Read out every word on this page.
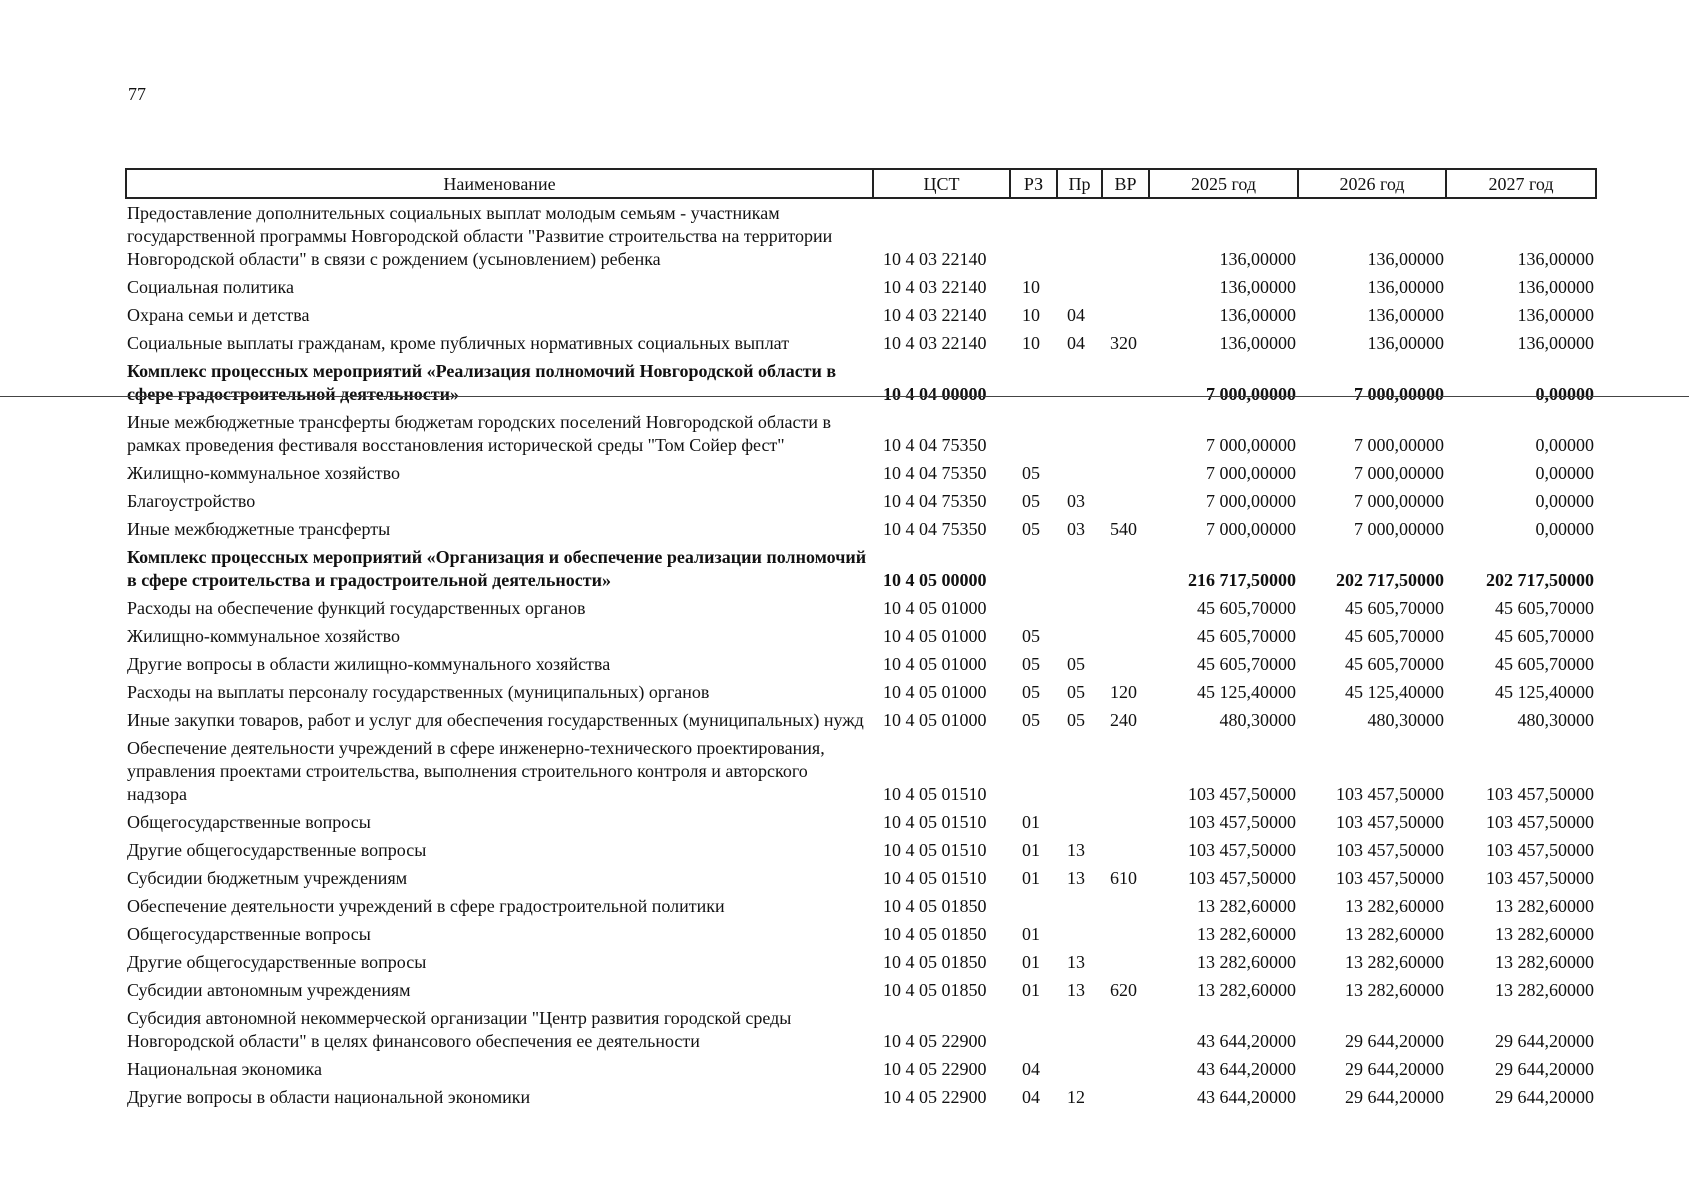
77
Наименование	ЦСТ	РЗ	Пр	ВР	2025 год	2026 год	2027 год
Предоставление дополнительных социальных выплат молодым семьям - участникам государственной программы Новгородской области "Развитие строительства на территории Новгородской области" в связи с рождением (усыновлением) ребенка	10 4 03 22140				136,00000	136,00000	136,00000
Социальная политика	10 4 03 22140	10			136,00000	136,00000	136,00000
Охрана семьи и детства	10 4 03 22140	10	04		136,00000	136,00000	136,00000
Социальные выплаты гражданам, кроме публичных нормативных социальных выплат	10 4 03 22140	10	04	320	136,00000	136,00000	136,00000
Комплекс процессных мероприятий «Реализация полномочий Новгородской области в сфере градостроительной деятельности»	10 4 04 00000				7 000,00000	7 000,00000	0,00000
Иные межбюджетные трансферты бюджетам городских поселений Новгородской области в рамках проведения фестиваля восстановления исторической среды "Том Сойер фест"	10 4 04 75350				7 000,00000	7 000,00000	0,00000
Жилищно-коммунальное хозяйство	10 4 04 75350	05			7 000,00000	7 000,00000	0,00000
Благоустройство	10 4 04 75350	05	03		7 000,00000	7 000,00000	0,00000
Иные межбюджетные трансферты	10 4 04 75350	05	03	540	7 000,00000	7 000,00000	0,00000
Комплекс процессных мероприятий «Организация и обеспечение реализации полномочий в сфере строительства и градостроительной деятельности»	10 4 05 00000				216 717,50000	202 717,50000	202 717,50000
Расходы на обеспечение функций государственных органов	10 4 05 01000				45 605,70000	45 605,70000	45 605,70000
Жилищно-коммунальное хозяйство	10 4 05 01000	05			45 605,70000	45 605,70000	45 605,70000
Другие вопросы в области жилищно-коммунального хозяйства	10 4 05 01000	05	05		45 605,70000	45 605,70000	45 605,70000
Расходы на выплаты персоналу государственных (муниципальных) органов	10 4 05 01000	05	05	120	45 125,40000	45 125,40000	45 125,40000
Иные закупки товаров, работ и услуг для обеспечения государственных (муниципальных) нужд	10 4 05 01000	05	05	240	480,30000	480,30000	480,30000
Обеспечение деятельности учреждений в сфере инженерно-технического проектирования, управления проектами строительства, выполнения строительного контроля и авторского надзора	10 4 05 01510				103 457,50000	103 457,50000	103 457,50000
Общегосударственные вопросы	10 4 05 01510	01			103 457,50000	103 457,50000	103 457,50000
Другие общегосударственные вопросы	10 4 05 01510	01	13		103 457,50000	103 457,50000	103 457,50000
Субсидии бюджетным учреждениям	10 4 05 01510	01	13	610	103 457,50000	103 457,50000	103 457,50000
Обеспечение деятельности учреждений в сфере градостроительной политики	10 4 05 01850				13 282,60000	13 282,60000	13 282,60000
Общегосударственные вопросы	10 4 05 01850	01			13 282,60000	13 282,60000	13 282,60000
Другие общегосударственные вопросы	10 4 05 01850	01	13		13 282,60000	13 282,60000	13 282,60000
Субсидии автономным учреждениям	10 4 05 01850	01	13	620	13 282,60000	13 282,60000	13 282,60000
Субсидия автономной некоммерческой организации "Центр развития городской среды Новгородской области" в целях финансового обеспечения ее деятельности	10 4 05 22900				43 644,20000	29 644,20000	29 644,20000
Национальная экономика	10 4 05 22900	04			43 644,20000	29 644,20000	29 644,20000
Другие вопросы в области национальной экономики	10 4 05 22900	04	12		43 644,20000	29 644,20000	29 644,20000
